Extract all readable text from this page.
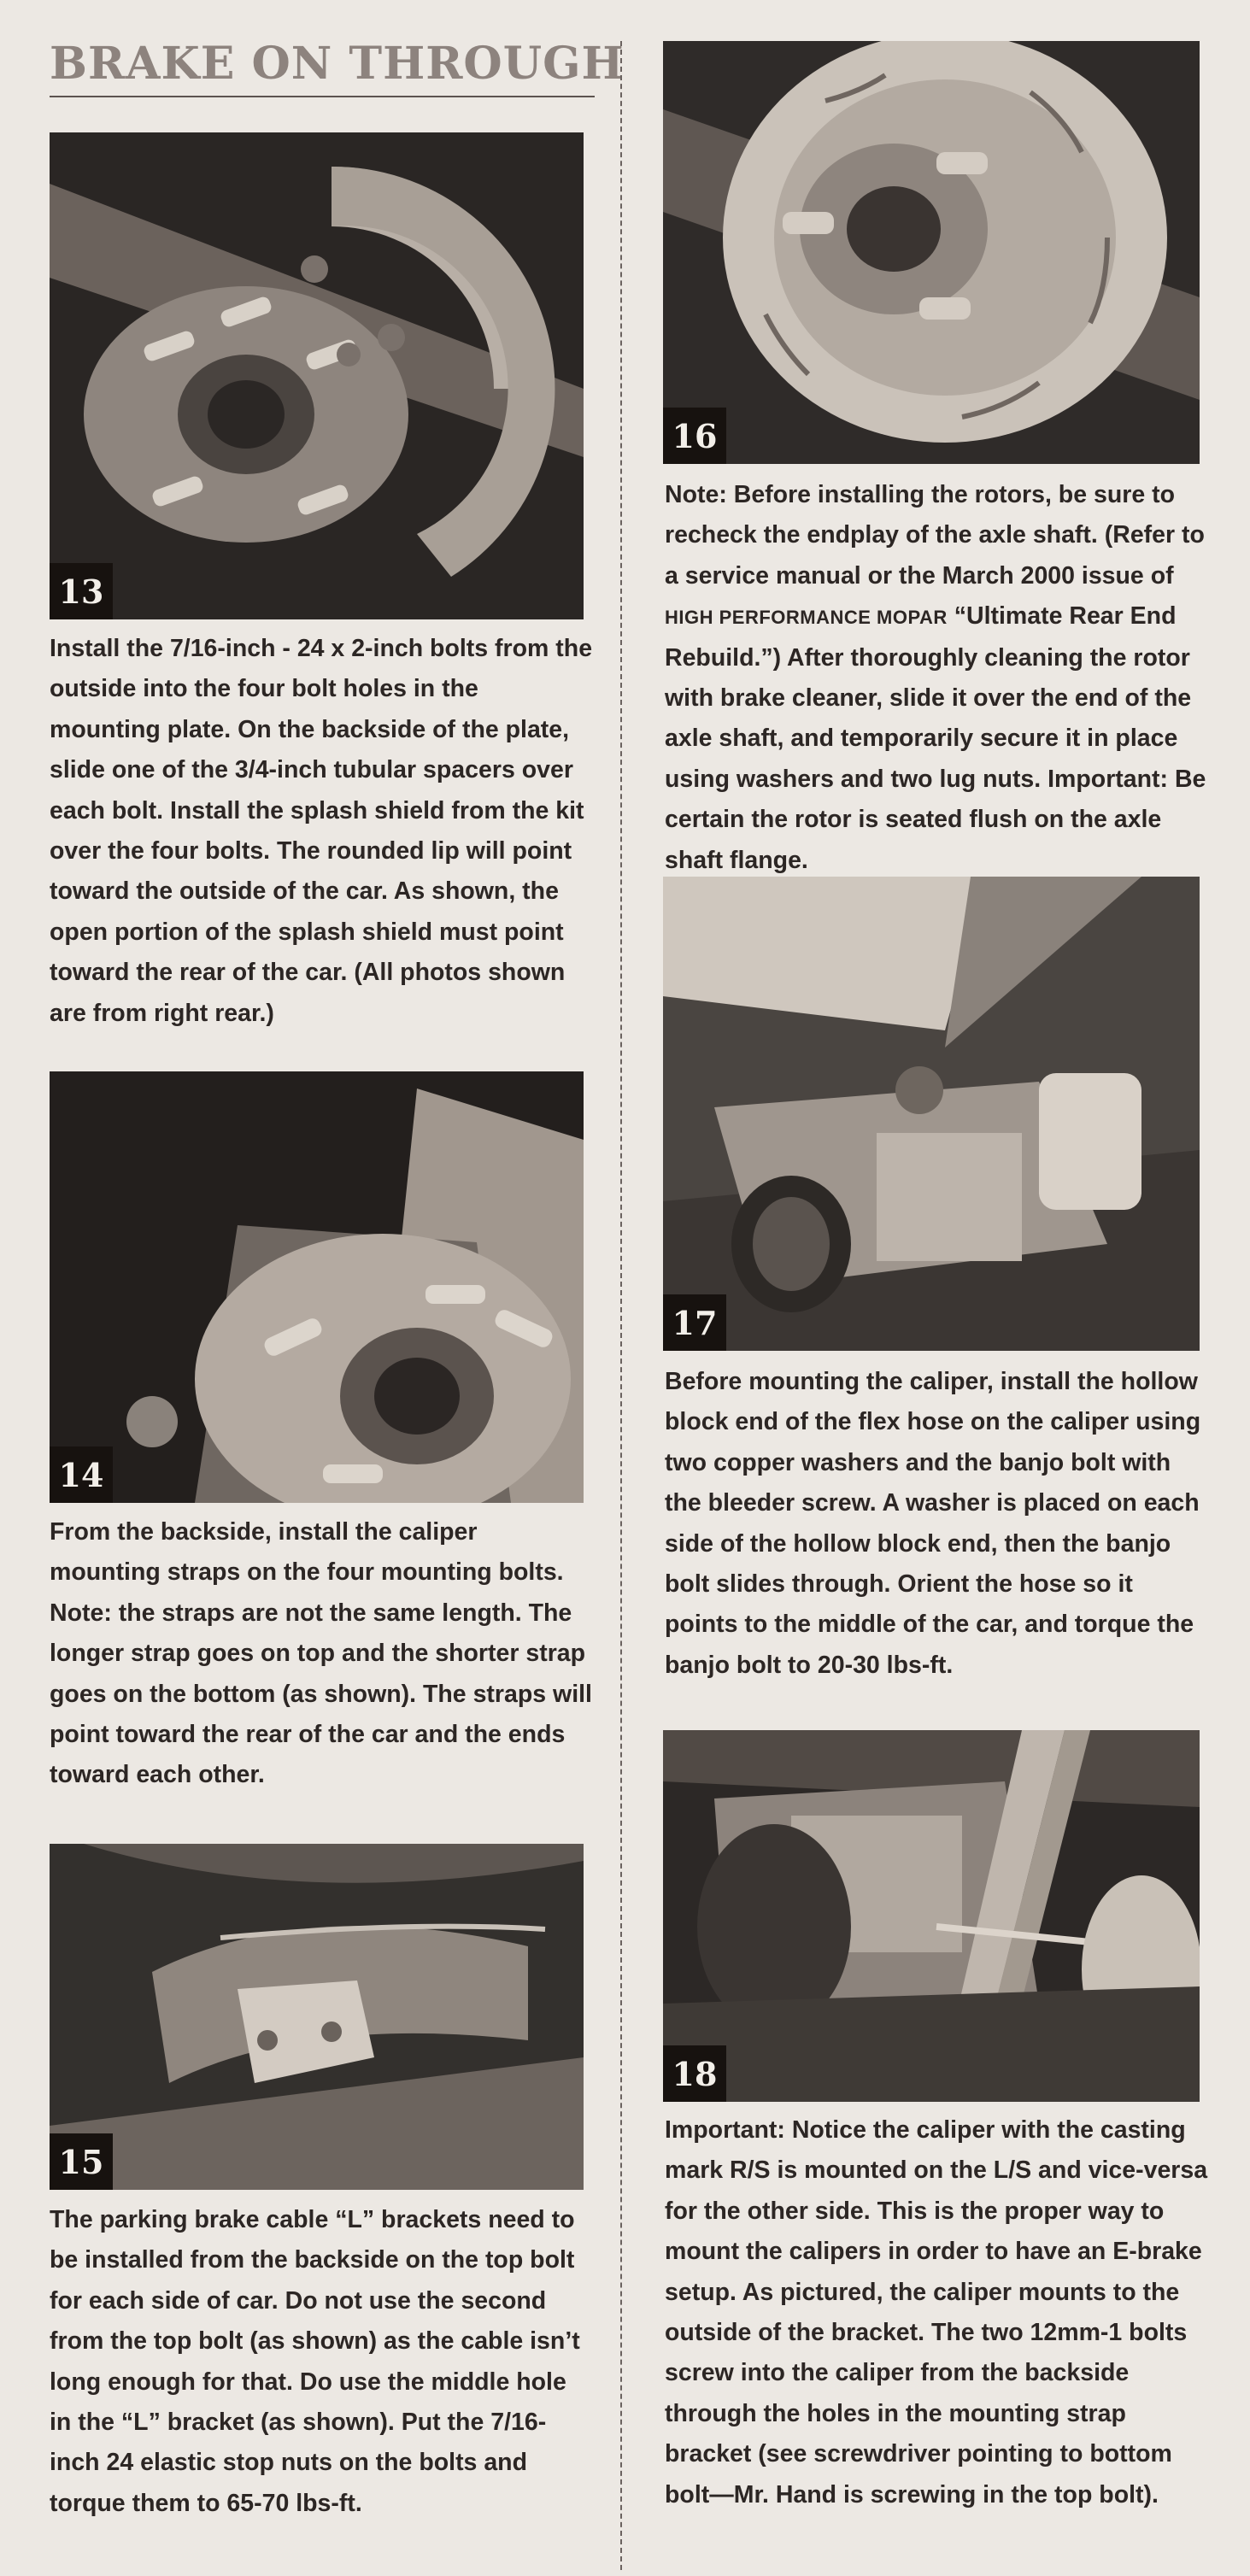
BRAKE ON THROUGH
13

Install the 7/16-inch - 24 x 2-inch bolts from the outside into the four bolt holes in the mounting plate. On the backside of the plate, slide one of the 3/4-inch tubular spacers over each bolt. Install the splash shield from the kit over the four bolts. The rounded lip will point toward the outside of the car. As shown, the open portion of the splash shield must point toward the rear of the car. (All photos shown are from right rear.)

14

From the backside, install the caliper mounting straps on the four mounting bolts. Note: the straps are not the same length. The longer strap goes on top and the shorter strap goes on the bottom (as shown). The straps will point toward the rear of the car and the ends toward each other.

15

The parking brake cable “L” brackets need to be installed from the backside on the top bolt for each side of car. Do not use the second from the top bolt (as shown) as the cable isn’t long enough for that. Do use the middle hole in the “L” bracket (as shown). Put the 7/16-inch 24 elastic stop nuts on the bolts and torque them to 65-70 lbs-ft.

16

Note: Before installing the rotors, be sure to recheck the endplay of the axle shaft. (Refer to a service manual or the March 2000 issue of HIGH PERFORMANCE MOPAR “Ultimate Rear End Rebuild.”) After thoroughly cleaning the rotor with brake cleaner, slide it over the end of the axle shaft, and temporarily secure it in place using washers and two lug nuts. Important: Be certain the rotor is seated flush on the axle shaft flange.

17

Before mounting the caliper, install the hollow block end of the flex hose on the caliper using two copper washers and the banjo bolt with the bleeder screw. A washer is placed on each side of the hollow block end, then the banjo bolt slides through. Orient the hose so it points to the middle of the car, and torque the banjo bolt to 20-30 lbs-ft.

18

Important: Notice the caliper with the casting mark R/S is mounted on the L/S and vice-versa for the other side. This is the proper way to mount the calipers in order to have an E-brake setup. As pictured, the caliper mounts to the outside of the bracket. The two 12mm-1 bolts screw into the caliper from the backside through the holes in the mounting strap bracket (see screwdriver pointing to bottom bolt—Mr. Hand is screwing in the top bolt).
